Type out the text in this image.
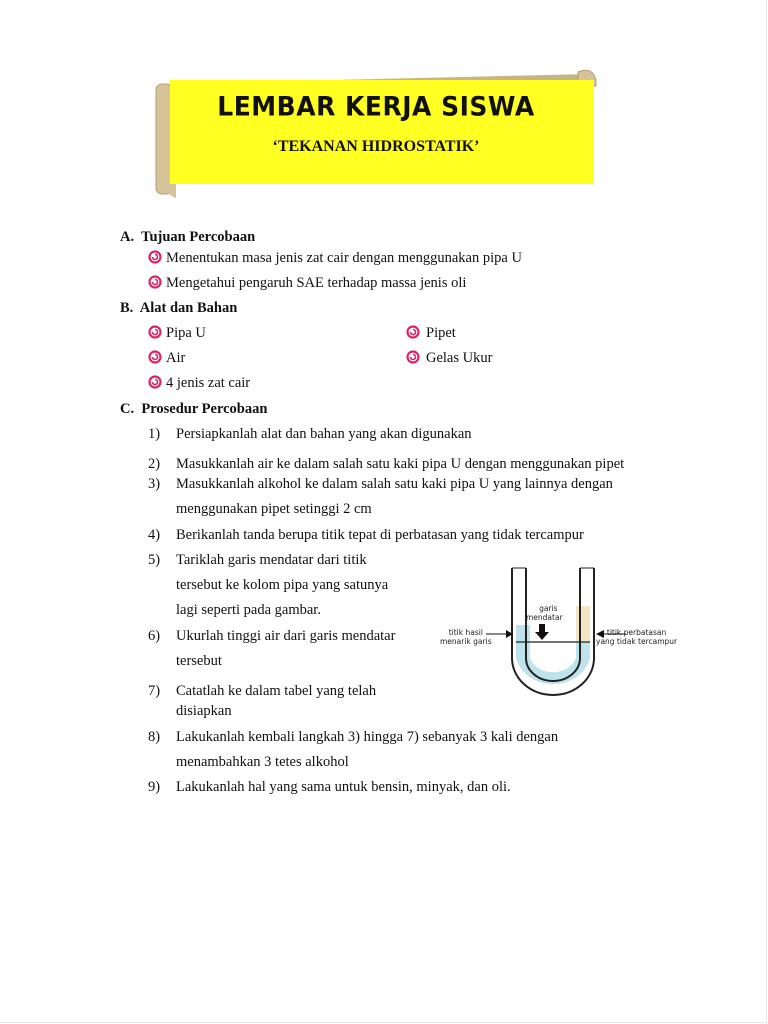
LEMBAR KERJA SISWA
‘TEKANAN HIDROSTATIK’
A. Tujuan Percobaan
Menentukan masa jenis zat cair dengan menggunakan pipa U
Mengetahui pengaruh SAE terhadap massa jenis oli
B. Alat dan Bahan
Pipa U	Pipet
Air	Gelas Ukur
4 jenis zat cair
C. Prosedur Percobaan
1) Persiapkanlah alat dan bahan yang akan digunakan
2) Masukkanlah air ke dalam salah satu kaki pipa U dengan menggunakan pipet
3) Masukkanlah alkohol ke dalam salah satu kaki pipa U yang lainnya dengan
menggunakan pipet setinggi 2 cm
4) Berikanlah tanda berupa titik tepat di perbatasan yang tidak tercampur
5) Tariklah garis mendatar dari titik
tersebut ke kolom pipa yang satunya
lagi seperti pada gambar.
6) Ukurlah tinggi air dari garis mendatar
tersebut
7) Catatlah ke dalam tabel yang telah
disiapkan
8) Lakukanlah kembali langkah 3) hingga 7) sebanyak 3 kali dengan
menambahkan 3 tetes alkohol
9) Lakukanlah hal yang sama untuk bensin, minyak, dan oli.
garis
mendatar
titik hasil
menarik garis
titik perbatasan
yang tidak tercampur
